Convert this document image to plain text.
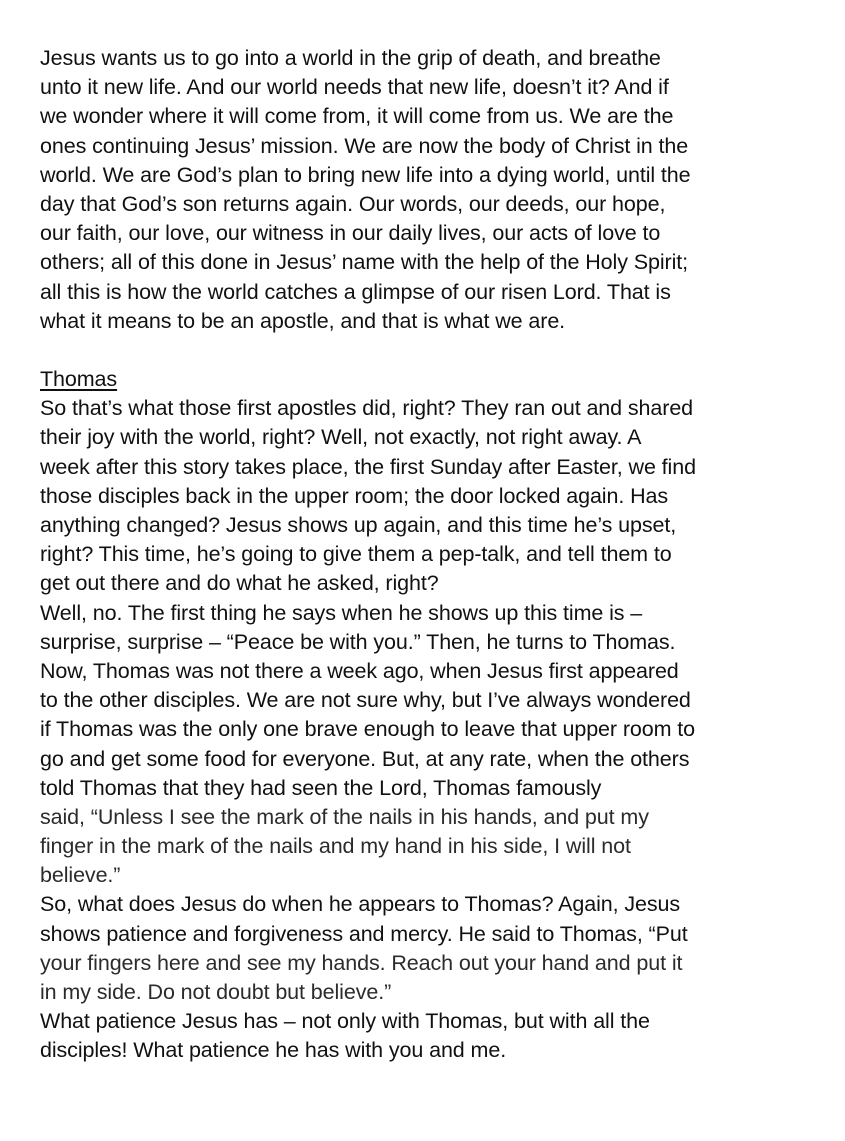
Jesus wants us to go into a world in the grip of death, and breathe
unto it new life. And our world needs that new life, doesn’t it? And if
we wonder where it will come from, it will come from us. We are the
ones continuing Jesus’ mission. We are now the body of Christ in the
world. We are God’s plan to bring new life into a dying world, until the
day that God’s son returns again. Our words, our deeds, our hope,
our faith, our love, our witness in our daily lives, our acts of love to
others; all of this done in Jesus’ name with the help of the Holy Spirit;
all this is how the world catches a glimpse of our risen Lord. That is
what it means to be an apostle, and that is what we are.
Thomas
So that’s what those first apostles did, right? They ran out and shared
their joy with the world, right? Well, not exactly, not right away. A
week after this story takes place, the first Sunday after Easter, we find
those disciples back in the upper room; the door locked again. Has
anything changed? Jesus shows up again, and this time he’s upset,
right? This time, he’s going to give them a pep-talk, and tell them to
get out there and do what he asked, right?
Well, no. The first thing he says when he shows up this time is –
surprise, surprise – “Peace be with you.” Then, he turns to Thomas.
Now, Thomas was not there a week ago, when Jesus first appeared
to the other disciples. We are not sure why, but I’ve always wondered
if Thomas was the only one brave enough to leave that upper room to
go and get some food for everyone. But, at any rate, when the others
told Thomas that they had seen the Lord, Thomas famously
said, “Unless I see the mark of the nails in his hands, and put my
finger in the mark of the nails and my hand in his side, I will not
believe.”
So, what does Jesus do when he appears to Thomas? Again, Jesus
shows patience and forgiveness and mercy. He said to Thomas, “Put
your fingers here and see my hands. Reach out your hand and put it
in my side. Do not doubt but believe.”
What patience Jesus has – not only with Thomas, but with all the
disciples! What patience he has with you and me.
